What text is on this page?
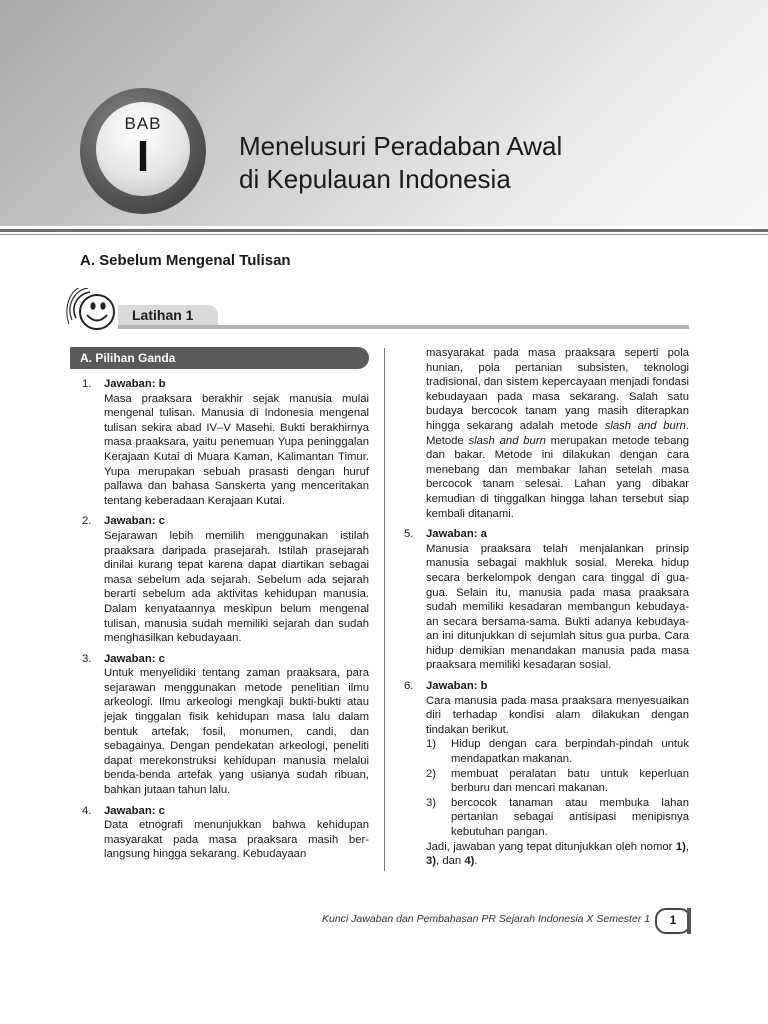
BAB
I	Menelusuri Peradaban Awal
di Kepulauan Indonesia
A. Sebelum Mengenal Tulisan
Latihan 1
A. Pilihan Ganda
1. Jawaban: b
Masa praaksara berakhir sejak manusia mulai mengenal tulisan. Manusia di Indonesia mengenal tulisan sekira abad IV–V Masehi. Bukti berakhirnya masa praaksara, yaitu penemuan Yupa peninggalan Kerajaan Kutai di Muara Kaman, Kalimantan Timur. Yupa merupakan sebuah prasasti dengan huruf pallawa dan bahasa Sanskerta yang menceritakan tentang keberadaan Kerajaan Kutai.
2. Jawaban: c
Sejarawan lebih memilih menggunakan istilah praaksara daripada prasejarah. Istilah prasejarah dinilai kurang tepat karena dapat diartikan sebagai masa sebelum ada sejarah. Sebelum ada sejarah berarti sebelum ada aktivitas kehidupan manusia. Dalam kenyataannya meskipun belum mengenal tulisan, manusia sudah memiliki sejarah dan sudah menghasilkan kebudayaan.
3. Jawaban: c
Untuk menyelidiki tentang zaman praaksara, para sejarawan menggunakan metode penelitian ilmu arkeologi. Ilmu arkeologi mengkaji bukti-bukti atau jejak tinggalan fisik kehidupan masa lalu dalam bentuk artefak, fosil, monumen, candi, dan sebagainya. Dengan pendekatan arkeologi, peneliti dapat merekonstruksi kehidupan manusia melalui benda-benda artefak yang usianya sudah ribuan, bahkan jutaan tahun lalu.
4. Jawaban: c
Data etnografi menunjukkan bahwa kehidupan masyarakat pada masa praaksara masih ber- langsung hingga sekarang. Kebudayaan
masyarakat pada masa praaksara seperti pola hunian, pola pertanian subsisten, teknologi tradisional, dan sistem kepercayaan menjadi fondasi kebudayaan pada masa sekarang. Salah satu budaya bercocok tanam yang masih diterapkan hingga sekarang adalah metode slash and burn. Metode slash and burn merupakan metode tebang dan bakar. Metode ini dilakukan dengan cara menebang dan membakar lahan setelah masa bercocok tanam selesai. Lahan yang dibakar kemudian di tinggalkan hingga lahan tersebut siap kembali ditanami.
5. Jawaban: a
Manusia praaksara telah menjalankan prinsip manusia sebagai makhluk sosial. Mereka hidup secara berkelompok dengan cara tinggal di gua- gua. Selain itu, manusia pada masa praaksara sudah memiliki kesadaran membangun kebudaya- an secara bersama-sama. Bukti adanya kebudaya- an ini ditunjukkan di sejumlah situs gua purba. Cara hidup demikian menandakan manusia pada masa praaksara memiliki kesadaran sosial.
6. Jawaban: b
Cara manusia pada masa praaksara menyesuaikan diri terhadap kondisi alam dilakukan dengan tindakan berikut.
1) Hidup dengan cara berpindah-pindah untuk mendapatkan makanan.
2) membuat peralatan batu untuk keperluan berburu dan mencari makanan.
3) bercocok tanaman atau membuka lahan pertanian sebagai antisipasi menipisnya kebutuhan pangan.
Jadi, jawaban yang tepat ditunjukkan oleh nomor 1), 3), dan 4).
Kunci Jawaban dan Pembahasan PR Sejarah Indonesia X Semester 1	1
